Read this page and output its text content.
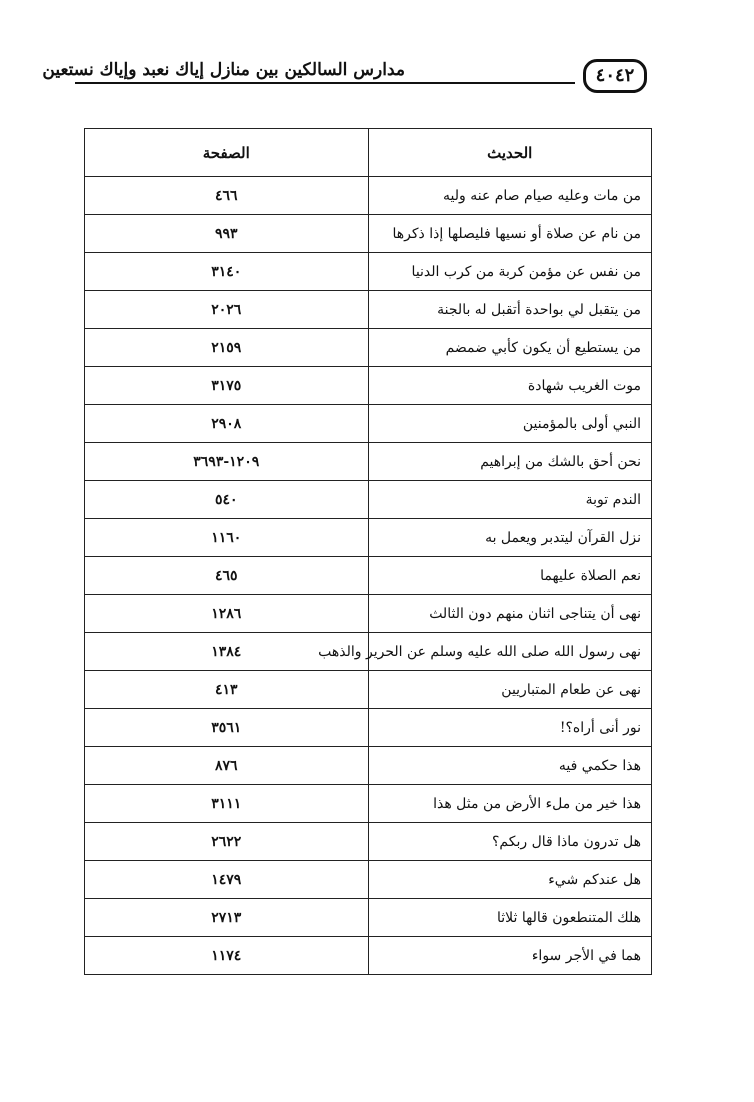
مدارس السالكين بين منازل إياك نعبد وإياك نستعين	٤٠٤٢
الحديث	الصفحة
من مات وعليه صيام صام عنه وليه	٤٦٦
من نام عن صلاة أو نسيها فليصلها إذا ذكرها	٩٩٣
من نفس عن مؤمن كربة من كرب الدنيا	٣١٤٠
من يتقبل لي بواحدة أتقبل له بالجنة	٢٠٢٦
من يستطيع أن يكون كأبي ضمضم	٢١٥٩
موت الغريب شهادة	٣١٧٥
النبي أولى بالمؤمنين	٢٩٠٨
نحن أحق بالشك من إبراهيم	١٢٠٩-٣٦٩٣
الندم توبة	٥٤٠
نزل القرآن ليتدبر ويعمل به	١١٦٠
نعم الصلاة عليهما	٤٦٥
نهى أن يتناجى اثنان منهم دون الثالث	١٢٨٦
نهى رسول الله صلى الله عليه وسلم عن الحرير والذهب	١٣٨٤
نهى عن طعام المتباريين	٤١٣
نور أنى أراه؟!	٣٥٦١
هذا حكمي فيه	٨٧٦
هذا خير من ملء الأرض من مثل هذا	٣١١١
هل تدرون ماذا قال ربكم؟	٢٦٢٢
هل عندكم شيء	١٤٧٩
هلك المتنطعون قالها ثلاثا	٢٧١٣
هما في الأجر سواء	١١٧٤
